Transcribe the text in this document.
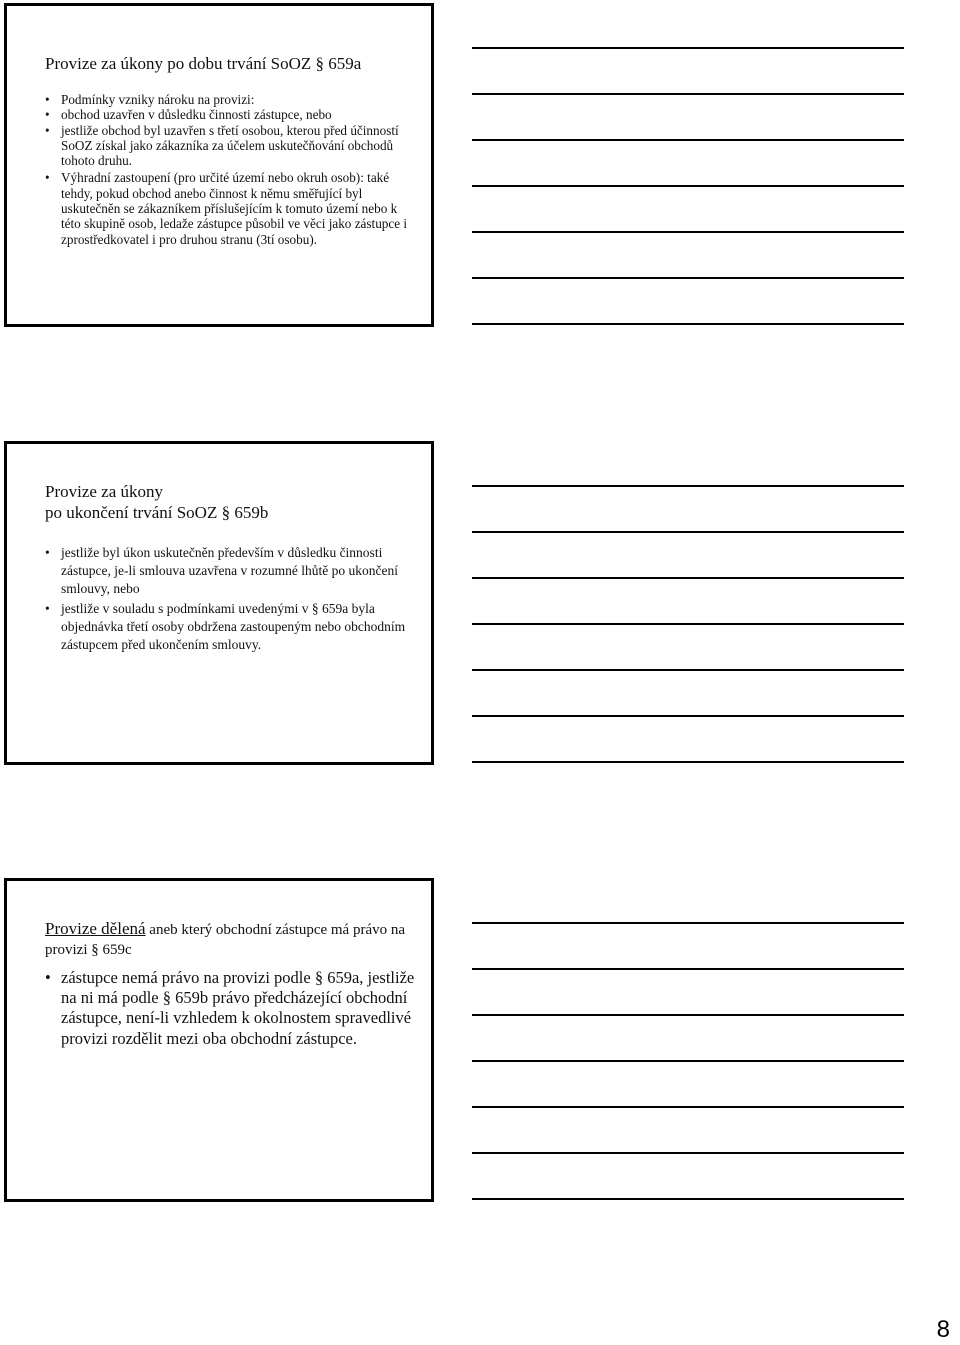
Provize za úkony po dobu trvání SoOZ § 659a
• Podmínky vzniky nároku na provizi:
• obchod uzavřen v důsledku činnosti zástupce, nebo
• jestliže obchod byl uzavřen s třetí osobou, kterou před účinností SoOZ získal jako zákazníka za účelem uskutečňování obchodů tohoto druhu.
• Výhradní zastoupení (pro určité území nebo okruh osob): také tehdy, pokud obchod anebo činnost k němu směřující byl uskutečněn se zákazníkem příslušejícím k tomuto území nebo k této skupině osob, ledaže zástupce působil ve věci jako zástupce i zprostředkovatel i pro druhou stranu (3tí osobu).
Provize za úkony
po ukončení trvání SoOZ § 659b
• jestliže byl úkon uskutečněn především v důsledku činnosti zástupce, je-li smlouva uzavřena v rozumné lhůtě po ukončení smlouvy, nebo
• jestliže v souladu s podmínkami uvedenými v § 659a byla objednávka třetí osoby obdržena zastoupeným nebo obchodním zástupcem před ukončením smlouvy.
Provize dělená aneb který obchodní zástupce má právo na provizi § 659c
• zástupce nemá právo na provizi podle § 659a, jestliže na ni má podle § 659b právo předcházející obchodní zástupce, není-li vzhledem k okolnostem spravedlivé provizi rozdělit mezi oba obchodní zástupce.
8
